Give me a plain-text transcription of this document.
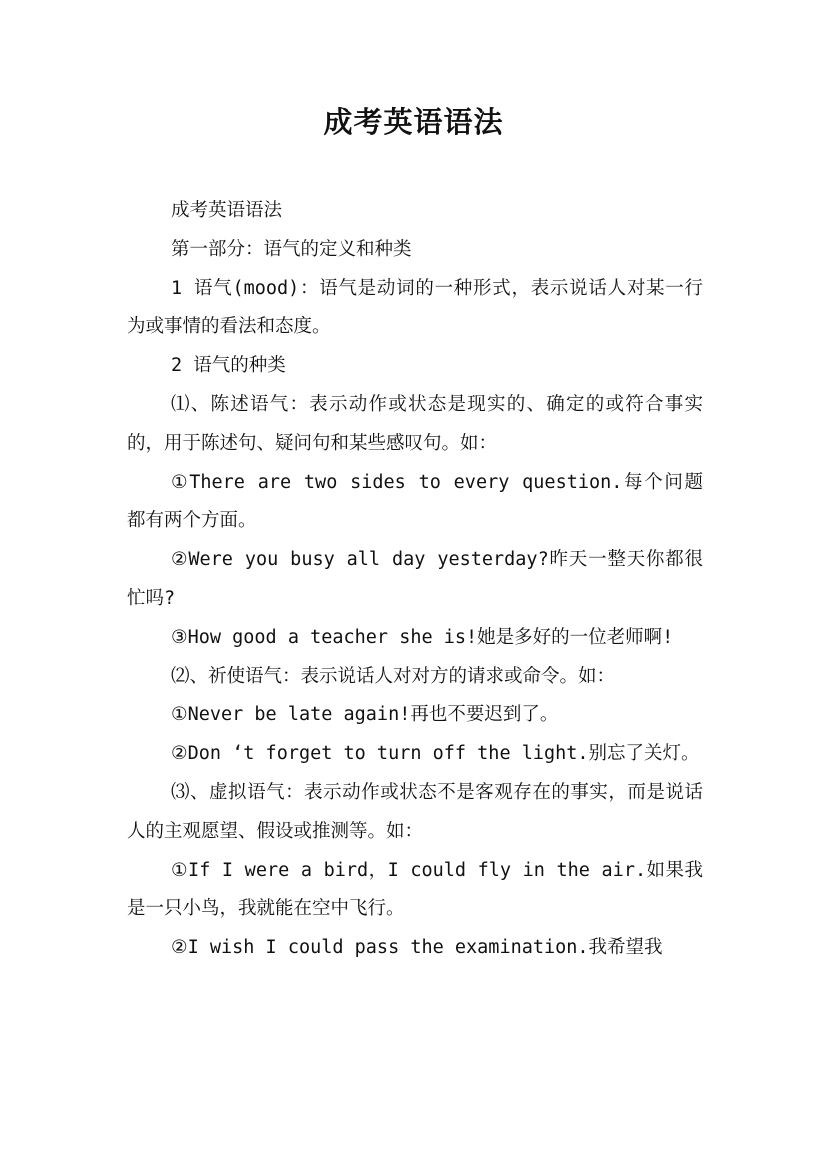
成考英语语法

成考英语语法

第一部分：语气的定义和种类

1 语气(mood)：语气是动词的一种形式，表示说话人对某一行为或事情的看法和态度。

2 语气的种类

⑴、陈述语气：表示动作或状态是现实的、确定的或符合事实的，用于陈述句、疑问句和某些感叹句。如：

①There are two sides to every question.每个问题都有两个方面。

②Were you busy all day yesterday?昨天一整天你都很忙吗?

③How good a teacher she is!她是多好的一位老师啊!

⑵、祈使语气：表示说话人对对方的请求或命令。如：

①Never be late again!再也不要迟到了。

②Don ‘t forget to turn off the light.别忘了关灯。

⑶、虚拟语气：表示动作或状态不是客观存在的事实，而是说话人的主观愿望、假设或推测等。如：

①If I were a bird，I could fly in the air.如果我是一只小鸟，我就能在空中飞行。

②I wish I could pass the examination.我希望我
